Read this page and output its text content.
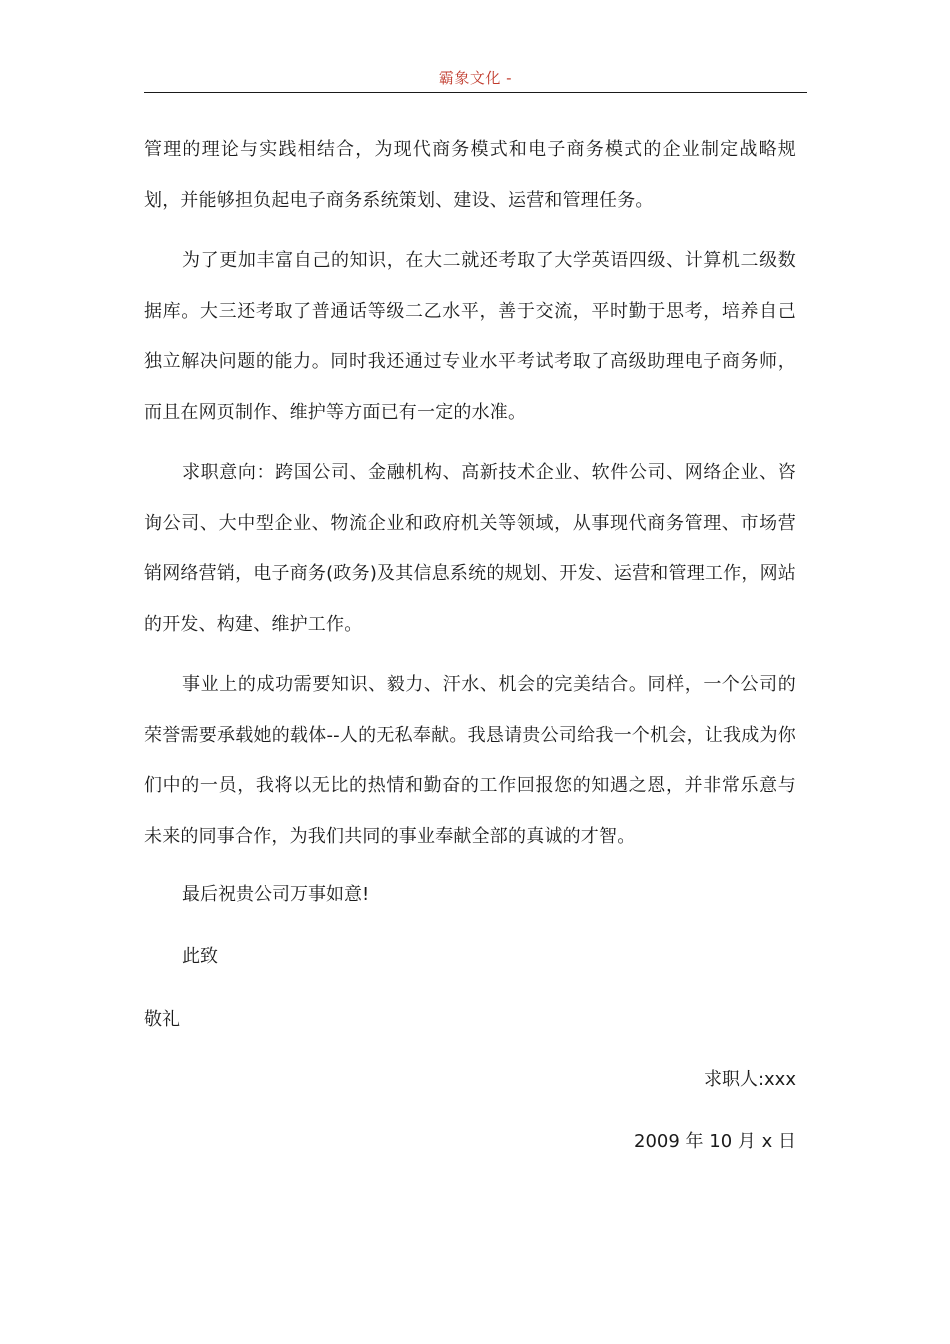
霸象文化 -

管理的理论与实践相结合，为现代商务模式和电子商务模式的企业制定战略规划，并能够担负起电子商务系统策划、建设、运营和管理任务。

为了更加丰富自己的知识，在大二就还考取了大学英语四级、计算机二级数据库。大三还考取了普通话等级二乙水平，善于交流，平时勤于思考，培养自己独立解决问题的能力。同时我还通过专业水平考试考取了高级助理电子商务师，而且在网页制作、维护等方面已有一定的水准。

求职意向：跨国公司、金融机构、高新技术企业、软件公司、网络企业、咨询公司、大中型企业、物流企业和政府机关等领域，从事现代商务管理、市场营销网络营销，电子商务(政务)及其信息系统的规划、开发、运营和管理工作，网站的开发、构建、维护工作。

事业上的成功需要知识、毅力、汗水、机会的完美结合。同样，一个公司的荣誉需要承载她的载体--人的无私奉献。我恳请贵公司给我一个机会，让我成为你们中的一员，我将以无比的热情和勤奋的工作回报您的知遇之恩，并非常乐意与未来的同事合作，为我们共同的事业奉献全部的真诚的才智。

最后祝贵公司万事如意!
此致
敬礼
求职人:xxx
2009 年 10 月 x 日
